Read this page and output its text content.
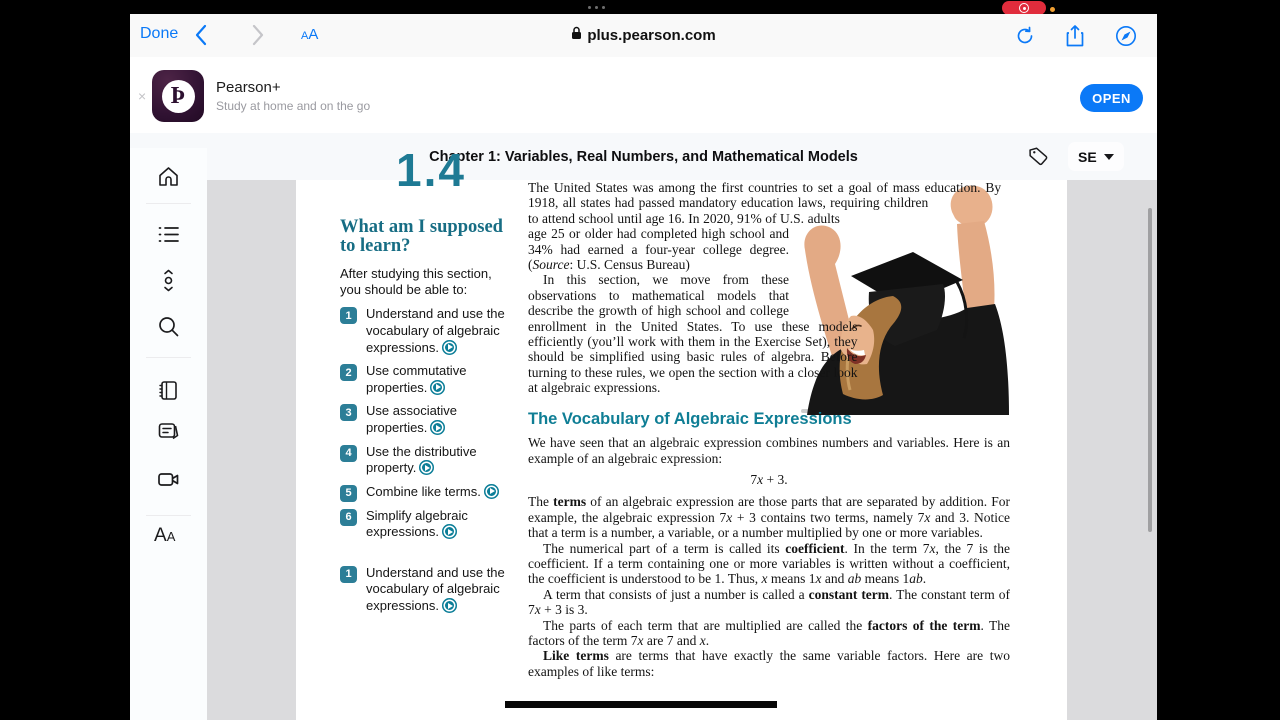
Done	AA	plus.pearson.com
×	Þ	Pearson+
Study at home and on the go
OPEN
Chapter 1: Variables, Real Numbers, and Mathematical Models	SE
AA
1.4
What am I supposed to learn?

After studying this section, you should be able to:

1	Understand and use the vocabulary of algebraic expressions.
2	Use commutative properties.
3	Use associative properties.
4	Use the distributive property.
5	Combine like terms.
6	Simplify algebraic expressions.
1	Understand and use the vocabulary of algebraic expressions.

The United States was among the first countries to set a goal of mass education. By 1918, all states had passed mandatory education laws, requiring children to attend school until age 16. In 2020, 91% of U.S. adults age 25 or older had completed high school and 34% had earned a four-year college degree. (Source: U.S. Census Bureau)

In this section, we move from these observations to mathematical models that describe the growth of high school and college enrollment in the United States. To use these models efficiently (you’ll work with them in the Exercise Set), they should be simplified using basic rules of algebra. Before turning to these rules, we open the section with a closer look at algebraic expressions.

The Vocabulary of Algebraic Expressions

We have seen that an algebraic expression combines numbers and variables. Here is an example of an algebraic expression:

7x + 3.

The terms of an algebraic expression are those parts that are separated by addition. For example, the algebraic expression 7x + 3 contains two terms, namely 7x and 3. Notice that a term is a number, a variable, or a number multiplied by one or more variables.

The numerical part of a term is called its coefficient. In the term 7x, the 7 is the coefficient. If a term containing one or more variables is written without a coefficient, the coefficient is understood to be 1. Thus, x means 1x and ab means 1ab.

A term that consists of just a number is called a constant term. The constant term of 7x + 3 is 3.

The parts of each term that are multiplied are called the factors of the term. The factors of the term 7x are 7 and x.

Like terms are terms that have exactly the same variable factors. Here are two examples of like terms:
